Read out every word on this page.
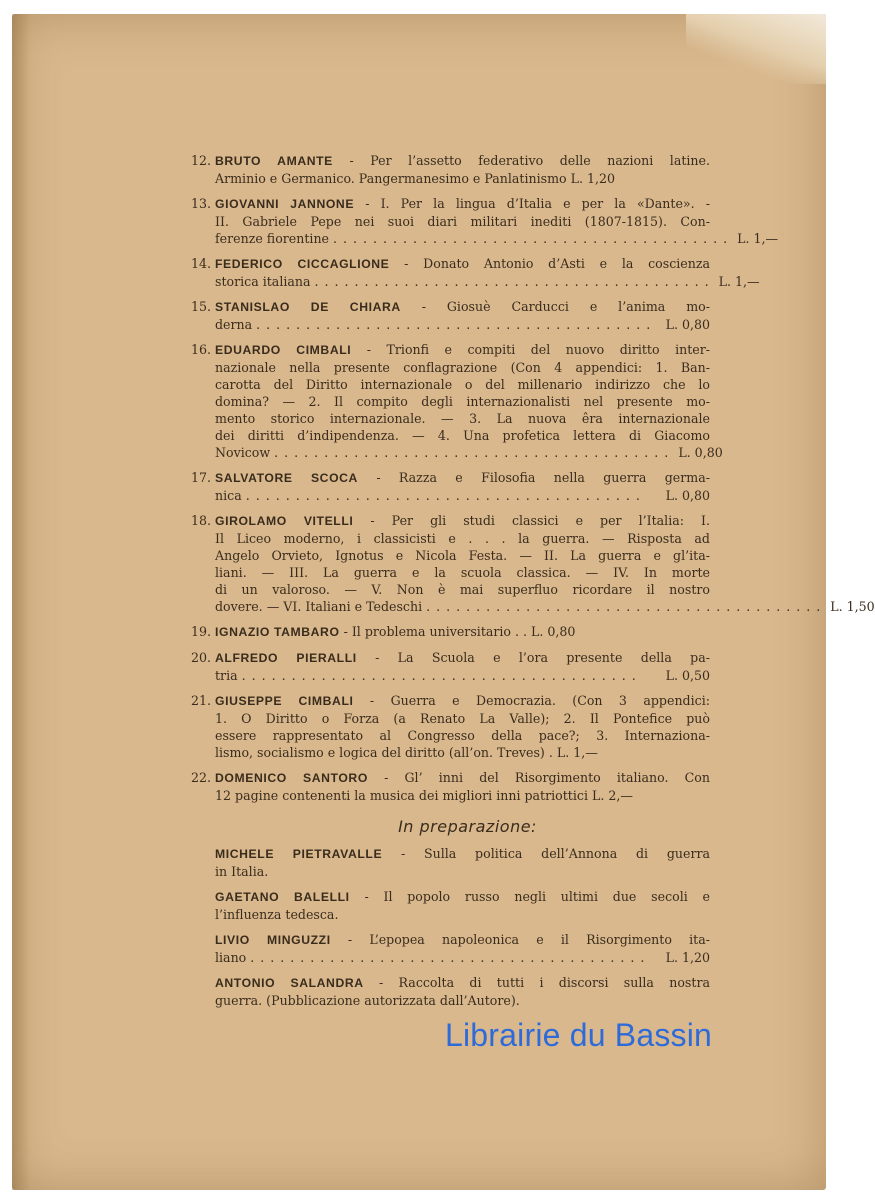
12. BRUTO AMANTE - Per l’assetto federativo delle nazioni latine.
Arminio e Germanico. Pangermanesimo e Panlatinismo L. 1,20
13. GIOVANNI JANNONE - I. Per la lingua d’Italia e per la «Dante». -
II. Gabriele Pepe nei suoi diari militari inediti (1807-1815). Con-
ferenze fiorentine ........................................ L. 1,—
14. FEDERICO CICCAGLIONE - Donato Antonio d’Asti e la coscienza
storica italiana ........................................ L. 1,—
15. STANISLAO DE CHIARA - Giosuè Carducci e l’anima mo-
derna ........................................ L. 0,80
16. EDUARDO CIMBALI - Trionfi e compiti del nuovo diritto inter-
nazionale nella presente conflagrazione (Con 4 appendici: 1. Ban-
carotta del Diritto internazionale o del millenario indirizzo che lo
domina? — 2. Il compito degli internazionalisti nel presente mo-
mento storico internazionale. — 3. La nuova êra internazionale
dei diritti d’indipendenza. — 4. Una profetica lettera di Giacomo
Novicow ........................................ L. 0,80
17. SALVATORE SCOCA - Razza e Filosofia nella guerra germa-
nica ........................................	L. 0,80
18. GIROLAMO VITELLI - Per gli studi classici e per l’Italia: I.
Il Liceo moderno, i classicisti e . . . la guerra. — Risposta ad
Angelo Orvieto, Ignotus e Nicola Festa. — II. La guerra e gl’ita-
liani. — III. La guerra e la scuola classica. — IV. In morte
di un valoroso. — V. Non è mai superfluo ricordare il nostro
dovere. — VI. Italiani e Tedeschi ........................................ L. 1,50
19. IGNAZIO TAMBARO - Il problema universitario . . L. 0,80
20. ALFREDO PIERALLI - La Scuola e l’ora presente della pa-
tria ........................................	L. 0,50
21. GIUSEPPE CIMBALI - Guerra e Democrazia. (Con 3 appendici:
1. O Diritto o Forza (a Renato La Valle); 2. Il Pontefice può
essere rappresentato al Congresso della pace?; 3. Internaziona-
lismo, socialismo e logica del diritto (all’on. Treves) . L. 1,—
22. DOMENICO SANTORO - Gl’ inni del Risorgimento italiano. Con
12 pagine contenenti la musica dei migliori inni patriottici L. 2,—
In preparazione:
MICHELE PIETRAVALLE - Sulla politica dell’Annona di guerra
in Italia.
GAETANO BALELLI - Il popolo russo negli ultimi due secoli e
l’influenza tedesca.
LIVIO MINGUZZI - L’epopea napoleonica e il Risorgimento ita-
liano ........................................	L. 1,20
ANTONIO SALANDRA - Raccolta di tutti i discorsi sulla nostra
guerra. (Pubblicazione autorizzata dall’Autore).
Librairie du Bassin
